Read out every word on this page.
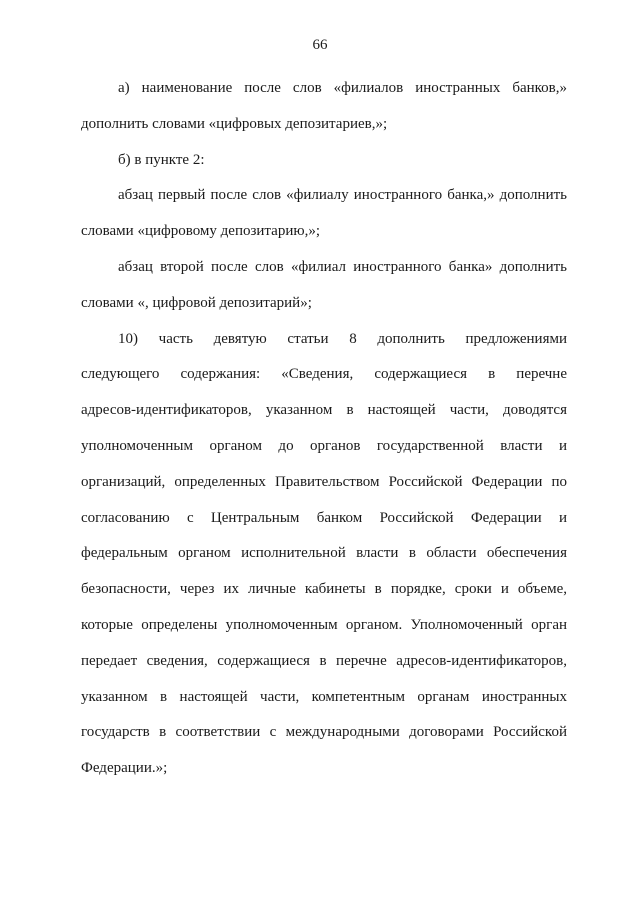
66

а) наименование после слов «филиалов иностранных банков,»
дополнить словами «цифровых депозитариев,»;

б) в пункте 2:

абзац первый после слов «филиалу иностранного банка,» дополнить
словами «цифровому депозитарию,»;

абзац второй после слов «филиал иностранного банка» дополнить
словами «, цифровой депозитарий»;

10) часть девятую статьи 8 дополнить предложениями
следующего содержания: «Сведения, содержащиеся в перечне
адресов-идентификаторов, указанном в настоящей части, доводятся
уполномоченным органом до органов государственной власти и
организаций, определенных Правительством Российской Федерации по
согласованию с Центральным банком Российской Федерации и
федеральным органом исполнительной власти в области обеспечения
безопасности, через их личные кабинеты в порядке, сроки и объеме,
которые определены уполномоченным органом. Уполномоченный орган
передает сведения, содержащиеся в перечне адресов-идентификаторов,
указанном в настоящей части, компетентным органам иностранных
государств в соответствии с международными договорами Российской
Федерации.»;
